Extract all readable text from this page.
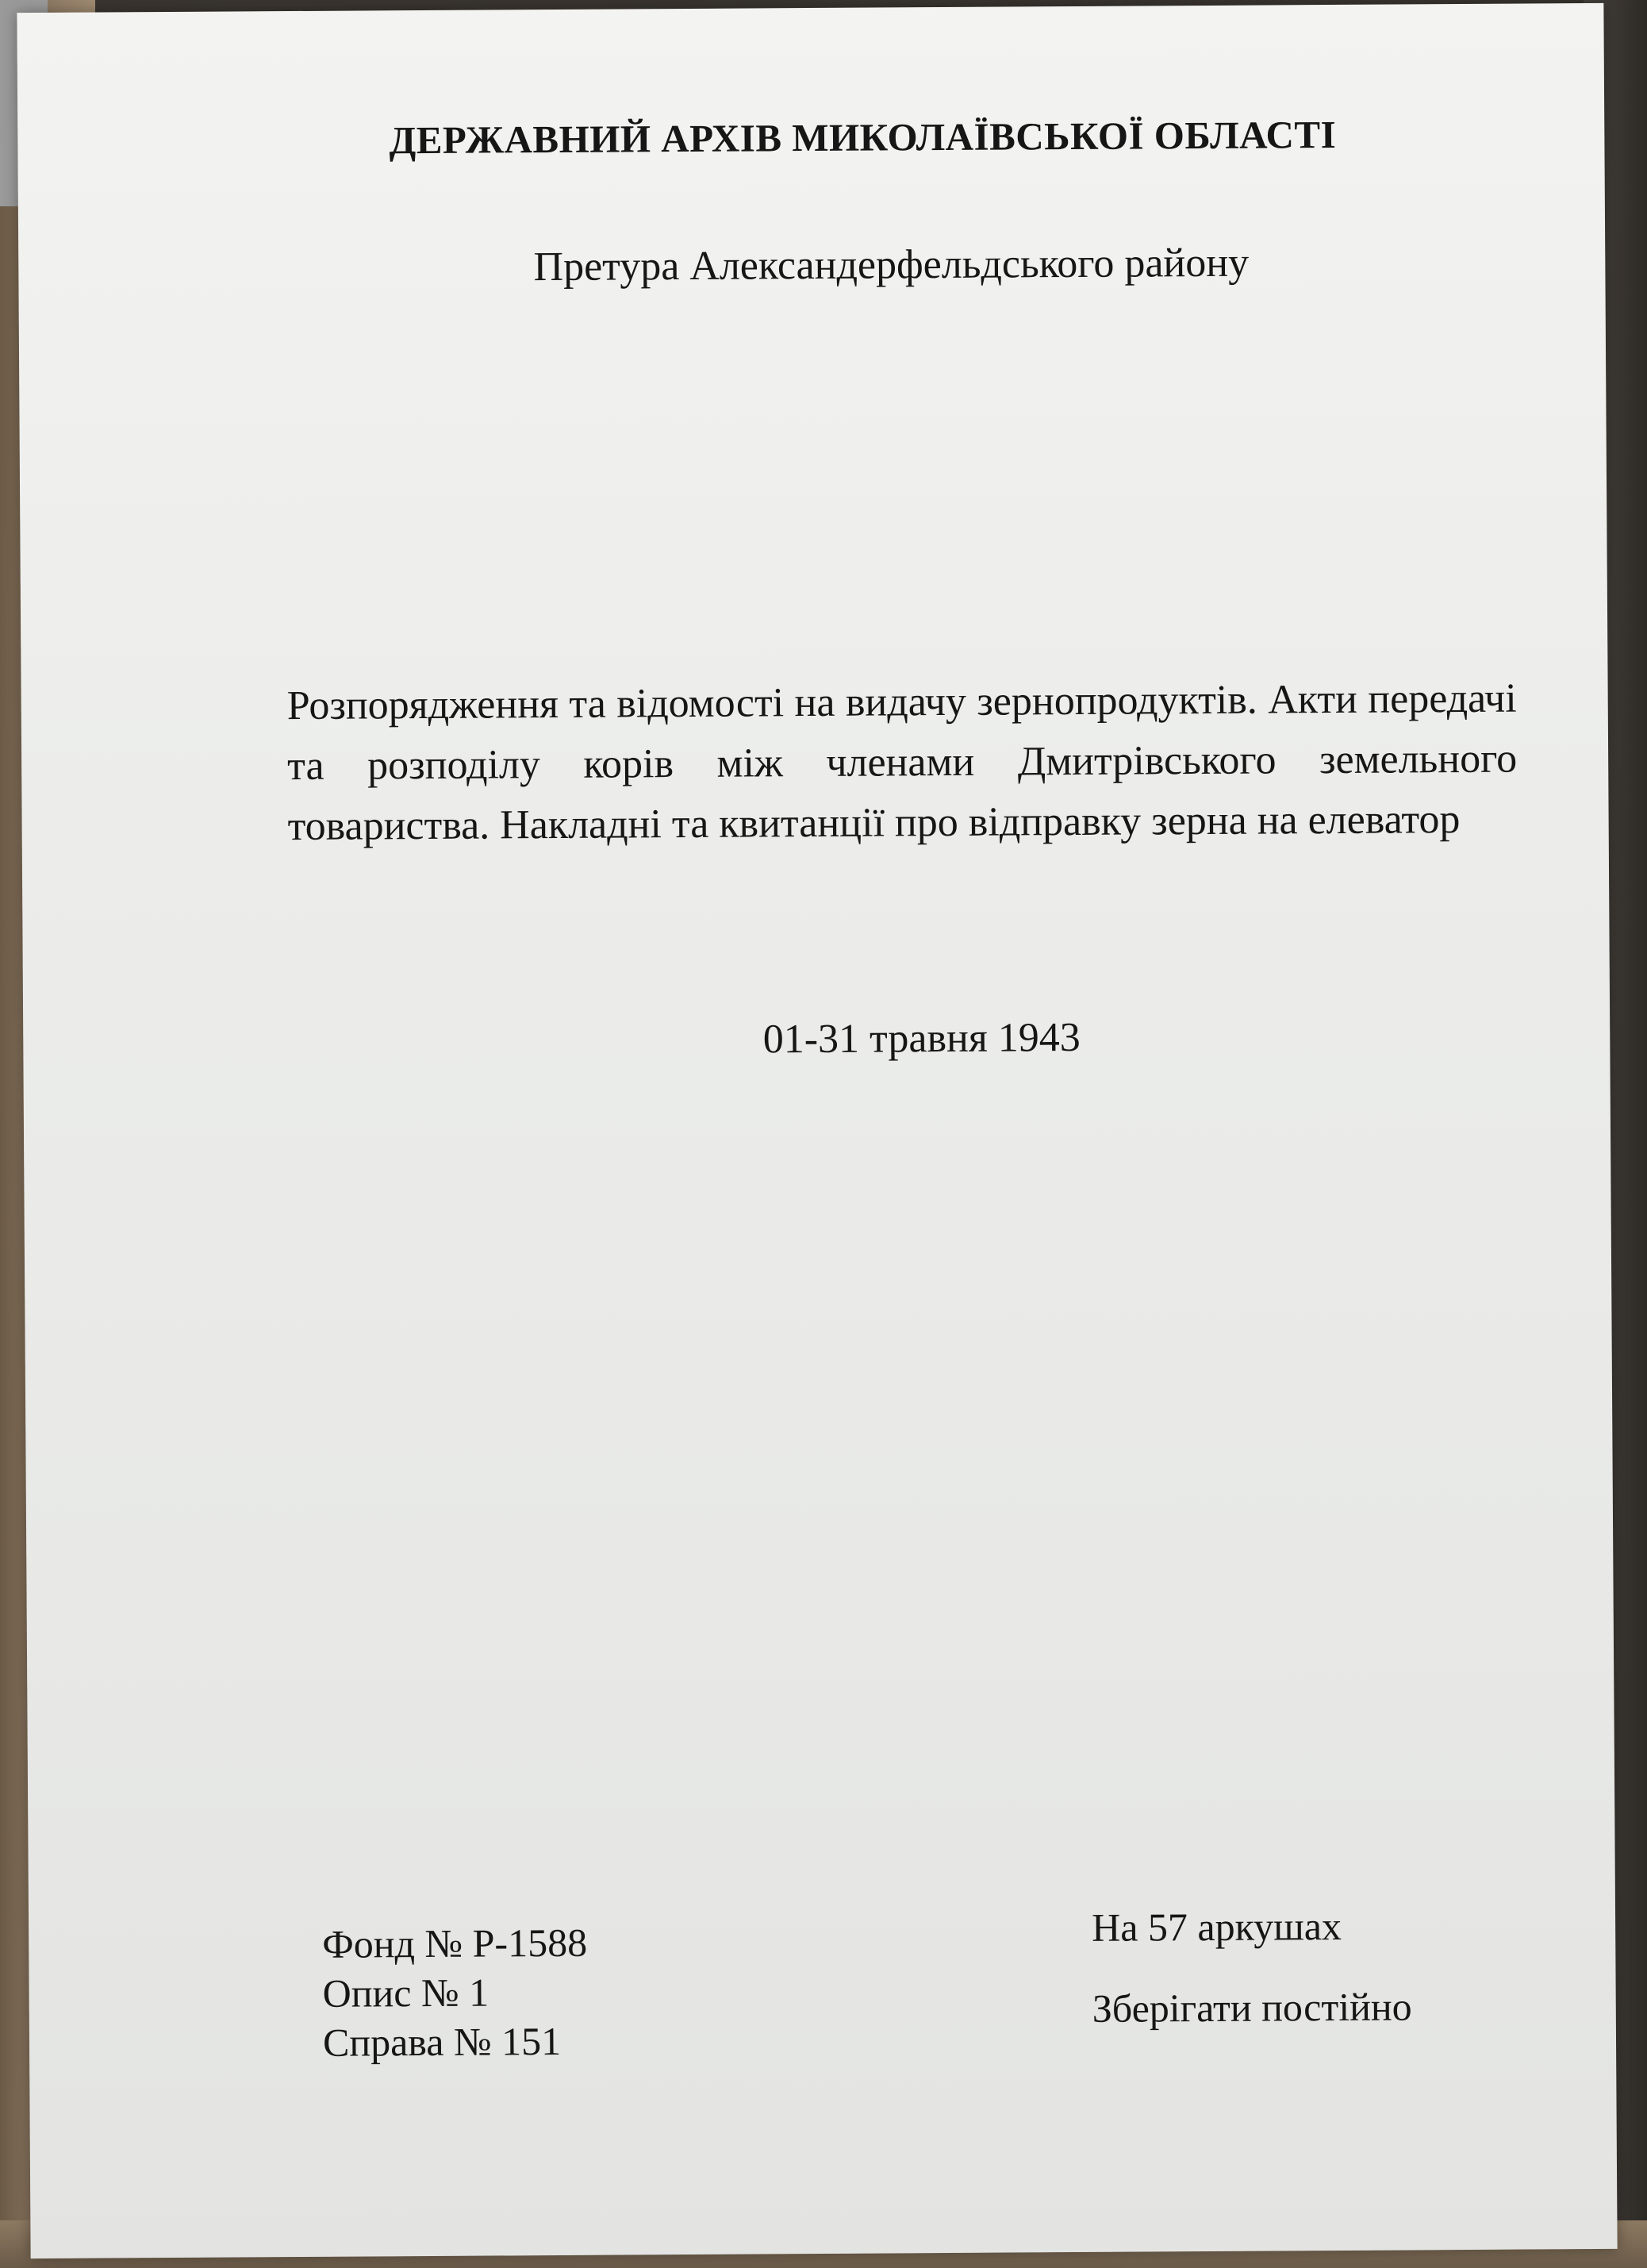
ДЕРЖАВНИЙ АРХІВ МИКОЛАЇВСЬКОЇ ОБЛАСТІ
Претура Александерфельдського району
Розпорядження та відомості на видачу зернопродуктів. Акти передачі та розподілу корів між членами Дмитрівського земельного товариства. Накладні та квитанції про відправку зерна на елеватор
01-31 травня 1943
Фонд № Р-1588
Опис № 1
Справа № 151
На 57 аркушах
Зберігати постійно
